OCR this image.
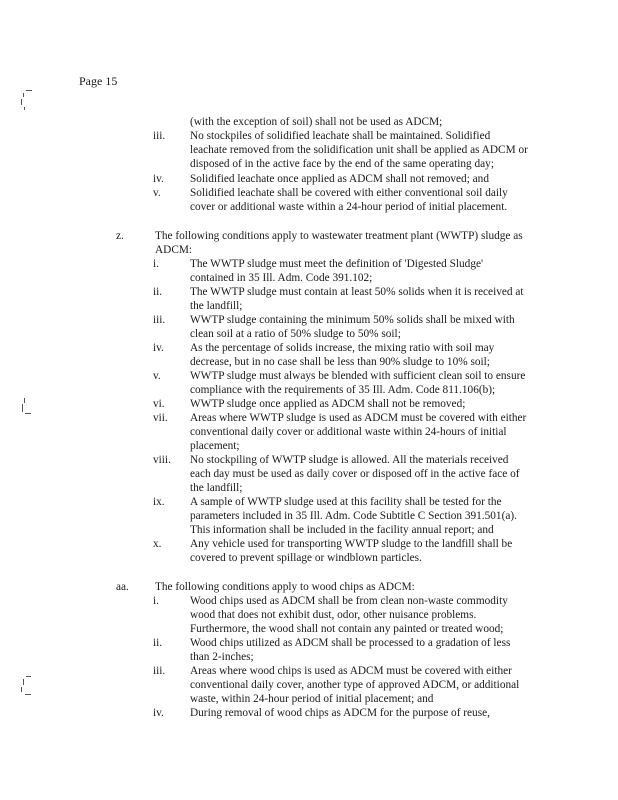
Page 15
(with the exception of soil) shall not be used as ADCM;
iii. No stockpiles of solidified leachate shall be maintained. Solidified
leachate removed from the solidification unit shall be applied as ADCM or
disposed of in the active face by the end of the same operating day;
iv. Solidified leachate once applied as ADCM shall not removed; and
v.	Solidified leachate shall be covered with either conventional soil daily
cover or additional waste within a 24-hour period of initial placement.
z.	The following conditions apply to wastewater treatment plant (WWTP) sludge as
ADCM:
i.	The WWTP sludge must meet the definition of 'Digested Sludge'
contained in 35 Ill. Adm. Code 391.102;
ii. The WWTP sludge must contain at least 50% solids when it is received at
the landfill;
iii. WWTP sludge containing the minimum 50% solids shall be mixed with
clean soil at a ratio of 50% sludge to 50% soil;
iv. As the percentage of solids increase, the mixing ratio with soil may
decrease, but in no case shall be less than 90% sludge to 10% soil;
v.	WWTP sludge must always be blended with sufficient clean soil to ensure
compliance with the requirements of 35 Ill. Adm. Code 811.106(b);
vi. WWTP sludge once applied as ADCM shall not be removed;
vii. Areas where WWTP sludge is used as ADCM must be covered with either
conventional daily cover or additional waste within 24-hours of initial
placement;
viii. No stockpiling of WWTP sludge is allowed. All the materials received
each day must be used as daily cover or disposed off in the active face of
the landfill;
ix. A sample of WWTP sludge used at this facility shall be tested for the
parameters included in 35 Ill. Adm. Code Subtitle C Section 391.501(a).
This information shall be included in the facility annual report; and
x.	Any vehicle used for transporting WWTP sludge to the landfill shall be
covered to prevent spillage or windblown particles.
aa. The following conditions apply to wood chips as ADCM:
i.	Wood chips used as ADCM shall be from clean non-waste commodity
wood that does not exhibit dust, odor, other nuisance problems.
Furthermore, the wood shall not contain any painted or treated wood;
ii. Wood chips utilized as ADCM shall be processed to a gradation of less
than 2-inches;
iii. Areas where wood chips is used as ADCM must be covered with either
conventional daily cover, another type of approved ADCM, or additional
waste, within 24-hour period of initial placement; and
iv. During removal of wood chips as ADCM for the purpose of reuse,
